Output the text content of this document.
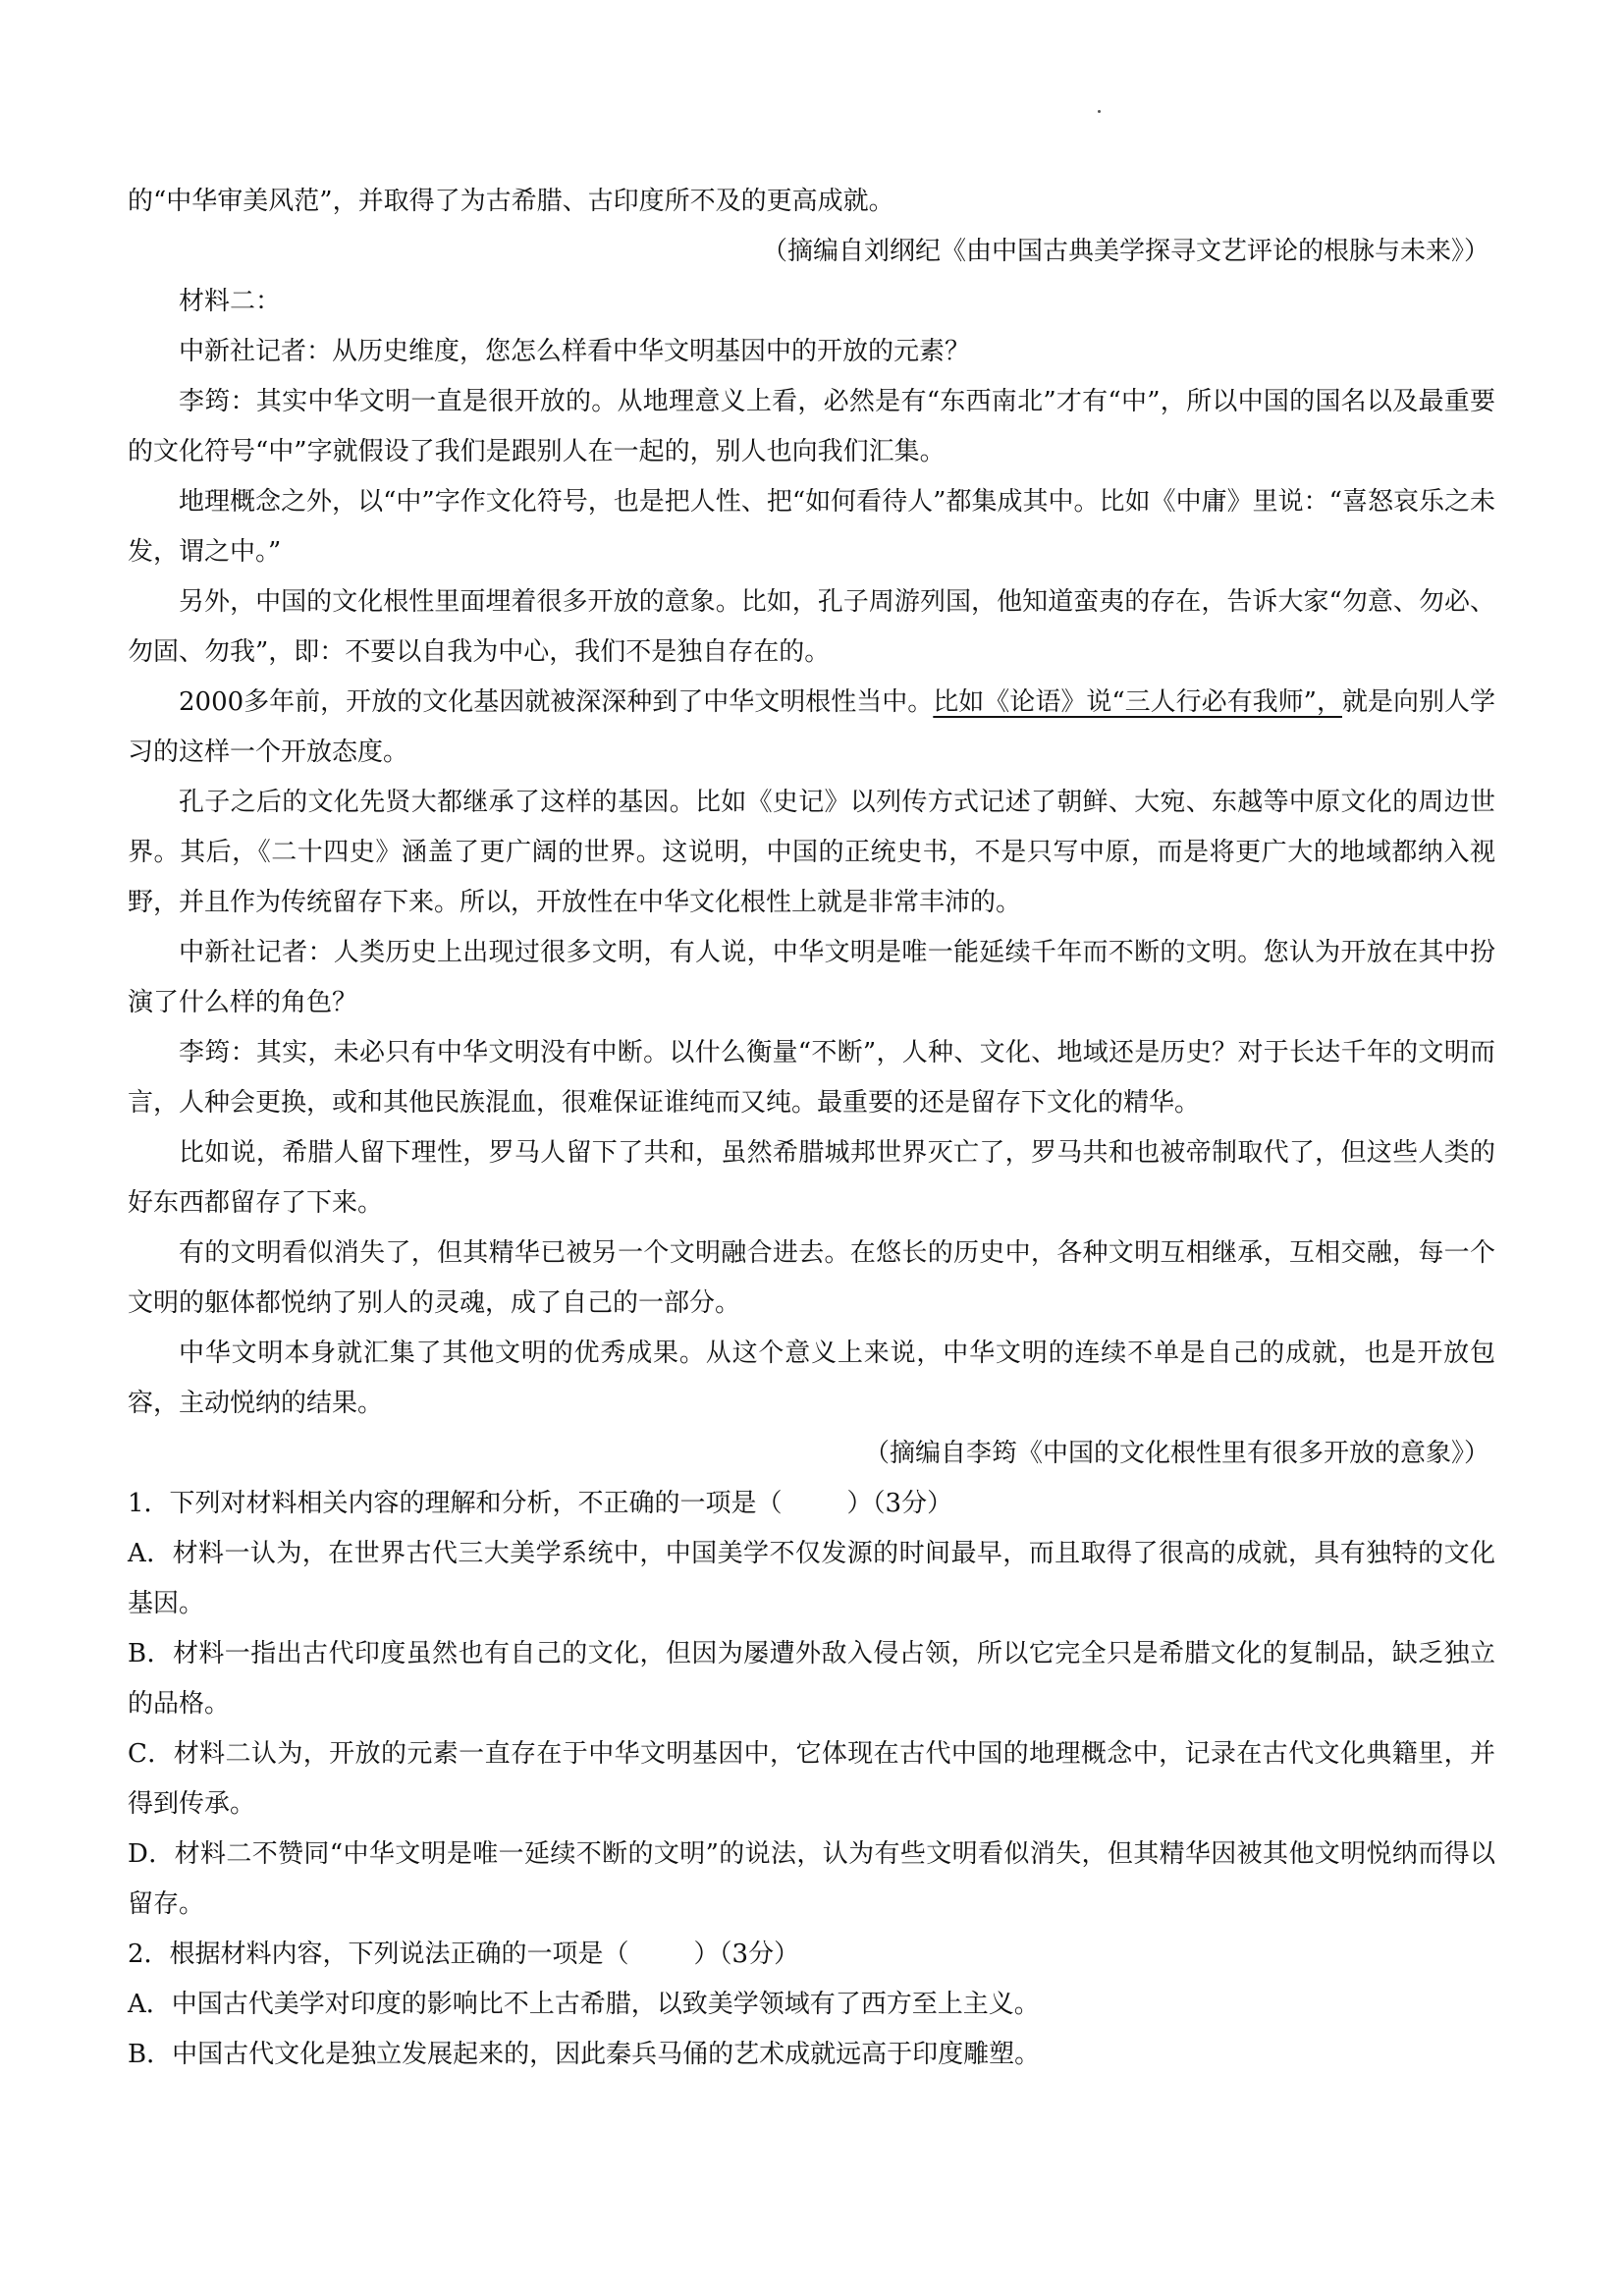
的“中华审美风范”，并取得了为古希腊、古印度所不及的更高成就。

（摘编自刘纲纪《由中国古典美学探寻文艺评论的根脉与未来》）

材料二：

中新社记者：从历史维度，您怎么样看中华文明基因中的开放的元素？

李筠：其实中华文明一直是很开放的。从地理意义上看，必然是有“东西南北”才有“中”，所以中国的国名以及最重要的文化符号“中”字就假设了我们是跟别人在一起的，别人也向我们汇集。

地理概念之外，以“中”字作文化符号，也是把人性、把“如何看待人”都集成其中。比如《中庸》里说：“喜怒哀乐之未发，谓之中。”

另外，中国的文化根性里面埋着很多开放的意象。比如，孔子周游列国，他知道蛮夷的存在，告诉大家“勿意、勿必、勿固、勿我”，即：不要以自我为中心，我们不是独自存在的。

2000多年前，开放的文化基因就被深深种到了中华文明根性当中。比如《论语》说“三人行必有我师”，就是向别人学习的这样一个开放态度。

孔子之后的文化先贤大都继承了这样的基因。比如《史记》以列传方式记述了朝鲜、大宛、东越等中原文化的周边世界。其后，《二十四史》涵盖了更广阔的世界。这说明，中国的正统史书，不是只写中原，而是将更广大的地域都纳入视野，并且作为传统留存下来。所以，开放性在中华文化根性上就是非常丰沛的。

中新社记者：人类历史上出现过很多文明，有人说，中华文明是唯一能延续千年而不断的文明。您认为开放在其中扮演了什么样的角色？

李筠：其实，未必只有中华文明没有中断。以什么衡量“不断”，人种、文化、地域还是历史？对于长达千年的文明而言，人种会更换，或和其他民族混血，很难保证谁纯而又纯。最重要的还是留存下文化的精华。

比如说，希腊人留下理性，罗马人留下了共和，虽然希腊城邦世界灭亡了，罗马共和也被帝制取代了，但这些人类的好东西都留存了下来。

有的文明看似消失了，但其精华已被另一个文明融合进去。在悠长的历史中，各种文明互相继承，互相交融，每一个文明的躯体都悦纳了别人的灵魂，成了自己的一部分。

中华文明本身就汇集了其他文明的优秀成果。从这个意义上来说，中华文明的连续不单是自己的成就，也是开放包容，主动悦纳的结果。

（摘编自李筠《中国的文化根性里有很多开放的意象》）

1．下列对材料相关内容的理解和分析，不正确的一项是（	）（3分）

A．材料一认为，在世界古代三大美学系统中，中国美学不仅发源的时间最早，而且取得了很高的成就，具有独特的文化基因。

B．材料一指出古代印度虽然也有自己的文化，但因为屡遭外敌入侵占领，所以它完全只是希腊文化的复制品，缺乏独立的品格。

C．材料二认为，开放的元素一直存在于中华文明基因中，它体现在古代中国的地理概念中，记录在古代文化典籍里，并得到传承。

D．材料二不赞同“中华文明是唯一延续不断的文明”的说法，认为有些文明看似消失，但其精华因被其他文明悦纳而得以留存。

2．根据材料内容，下列说法正确的一项是（	）（3分）

A．中国古代美学对印度的影响比不上古希腊，以致美学领域有了西方至上主义。

B．中国古代文化是独立发展起来的，因此秦兵马俑的艺术成就远高于印度雕塑。
